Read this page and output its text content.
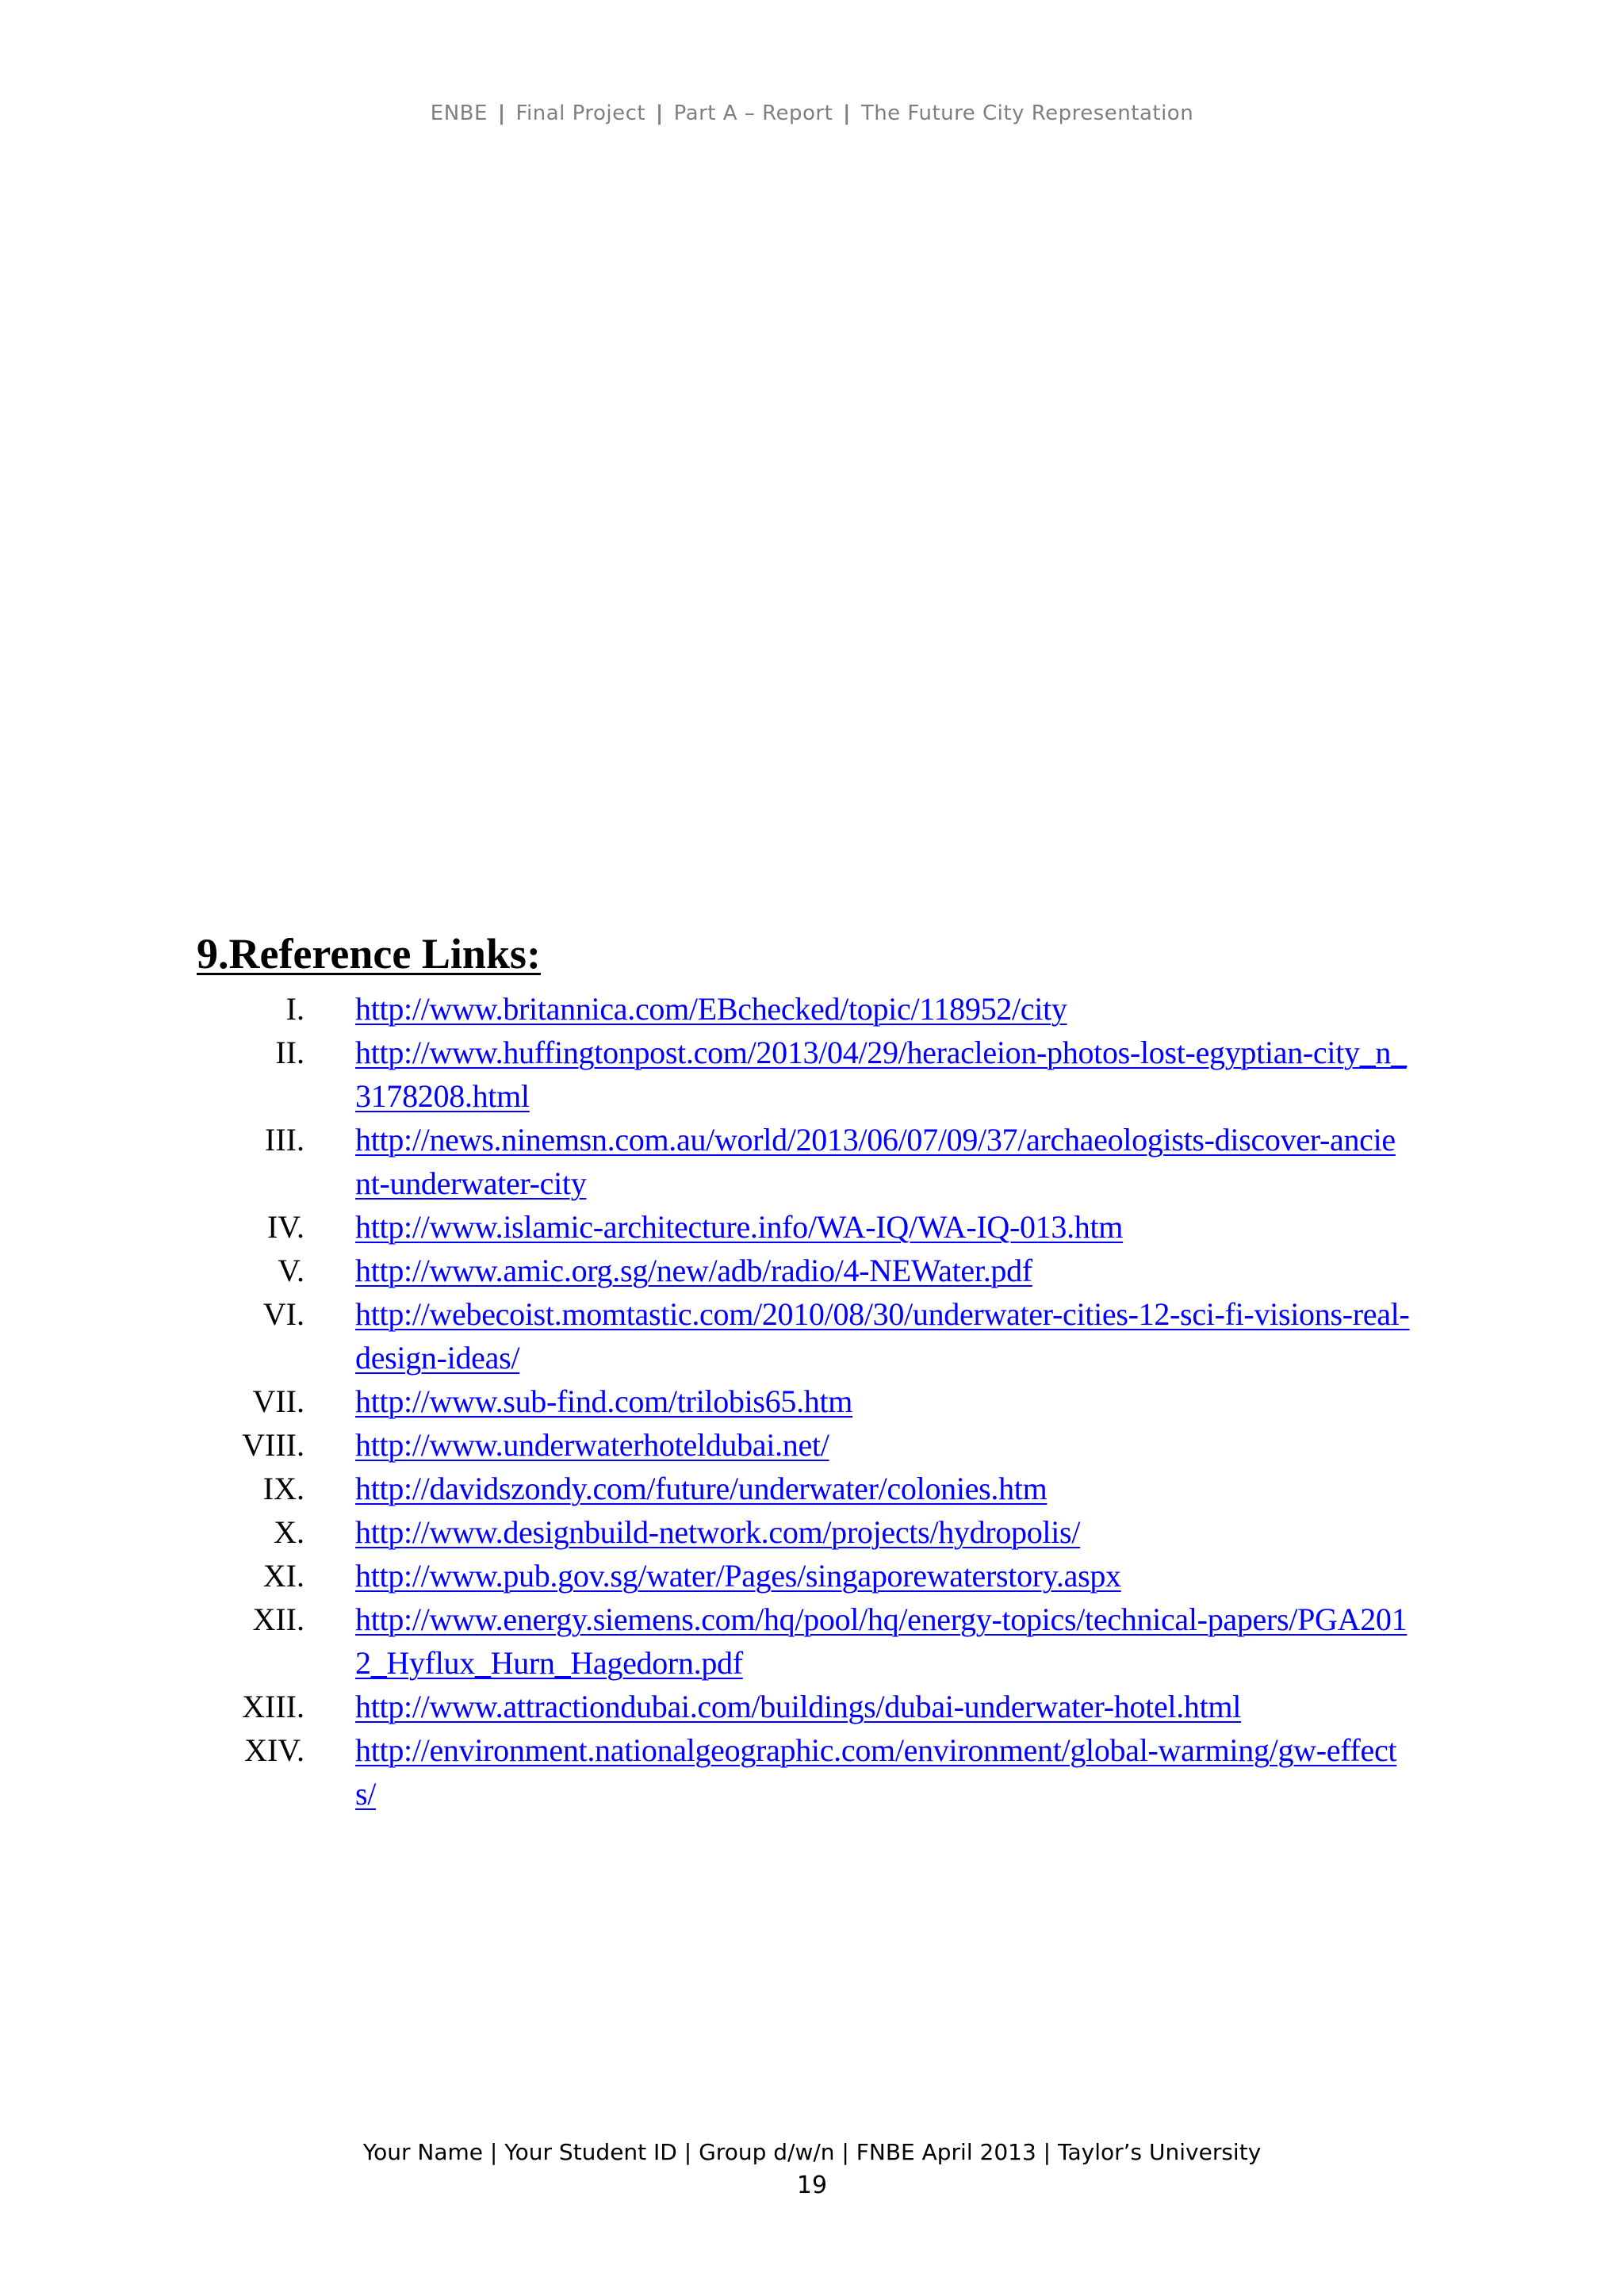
ENBE | Final Project | Part A – Report | The Future City Representation
9.Reference Links:
I. http://www.britannica.com/EBchecked/topic/118952/city
II. http://www.huffingtonpost.com/2013/04/29/heracleion-photos-lost-egyptian-city_n_3178208.html
III. http://news.ninemsn.com.au/world/2013/06/07/09/37/archaeologists-discover-ancient-underwater-city
IV. http://www.islamic-architecture.info/WA-IQ/WA-IQ-013.htm
V. http://www.amic.org.sg/new/adb/radio/4-NEWater.pdf
VI. http://webecoist.momtastic.com/2010/08/30/underwater-cities-12-sci-fi-visions-real-design-ideas/
VII. http://www.sub-find.com/trilobis65.htm
VIII. http://www.underwaterhoteldubai.net/
IX. http://davidszondy.com/future/underwater/colonies.htm
X. http://www.designbuild-network.com/projects/hydropolis/
XI. http://www.pub.gov.sg/water/Pages/singaporewaterstory.aspx
XII. http://www.energy.siemens.com/hq/pool/hq/energy-topics/technical-papers/PGA2012_Hyflux_Hurn_Hagedorn.pdf
XIII. http://www.attractiondubai.com/buildings/dubai-underwater-hotel.html
XIV. http://environment.nationalgeographic.com/environment/global-warming/gw-effects/
Your Name | Your Student ID | Group d/w/n | FNBE April 2013 | Taylor’s University
19
